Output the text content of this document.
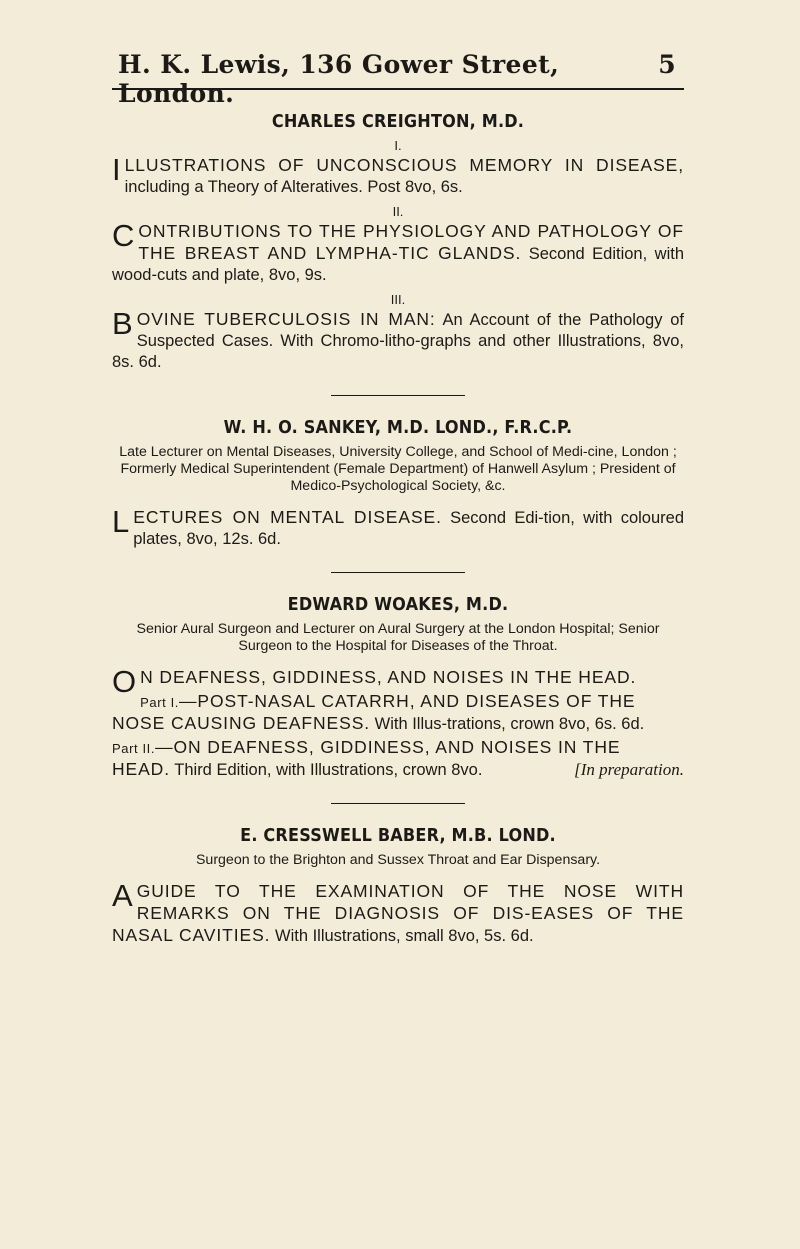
H. K. Lewis, 136 Gower Street, London.
5
CHARLES CREIGHTON, M.D.
I.
ILLUSTRATIONS OF UNCONSCIOUS MEMORY IN DISEASE, including a Theory of Alteratives. Post 8vo, 6s.
II.
CONTRIBUTIONS TO THE PHYSIOLOGY AND PATHOLOGY OF THE BREAST AND LYMPHA-TIC GLANDS. Second Edition, with wood-cuts and plate, 8vo, 9s.
III.
BOVINE TUBERCULOSIS IN MAN: An Account of the Pathology of Suspected Cases. With Chromo-litho-graphs and other Illustrations, 8vo, 8s. 6d.
W. H. O. SANKEY, M.D. LOND., F.R.C.P.
Late Lecturer on Mental Diseases, University College, and School of Medi-cine, London ; Formerly Medical Superintendent (Female Department) of Hanwell Asylum ; President of Medico-Psychological Society, &c.
LECTURES ON MENTAL DISEASE. Second Edi-tion, with coloured plates, 8vo, 12s. 6d.
EDWARD WOAKES, M.D.
Senior Aural Surgeon and Lecturer on Aural Surgery at the London Hospital; Senior Surgeon to the Hospital for Diseases of the Throat.
O N DEAFNESS, GIDDINESS, AND NOISES IN THE HEAD.
Part I.—POST-NASAL CATARRH, AND DISEASES OF THE NOSE CAUSING DEAFNESS. With Illus-trations, crown 8vo, 6s. 6d.
Part II.—ON DEAFNESS, GIDDINESS, AND NOISES IN THE HEAD. Third Edition, with Illustrations, crown 8vo.	[In preparation.
E. CRESSWELL BABER, M.B. LOND.
Surgeon to the Brighton and Sussex Throat and Ear Dispensary.
A GUIDE TO THE EXAMINATION OF THE NOSE WITH REMARKS ON THE DIAGNOSIS OF DIS-EASES OF THE NASAL CAVITIES. With Illustrations, small 8vo, 5s. 6d.
